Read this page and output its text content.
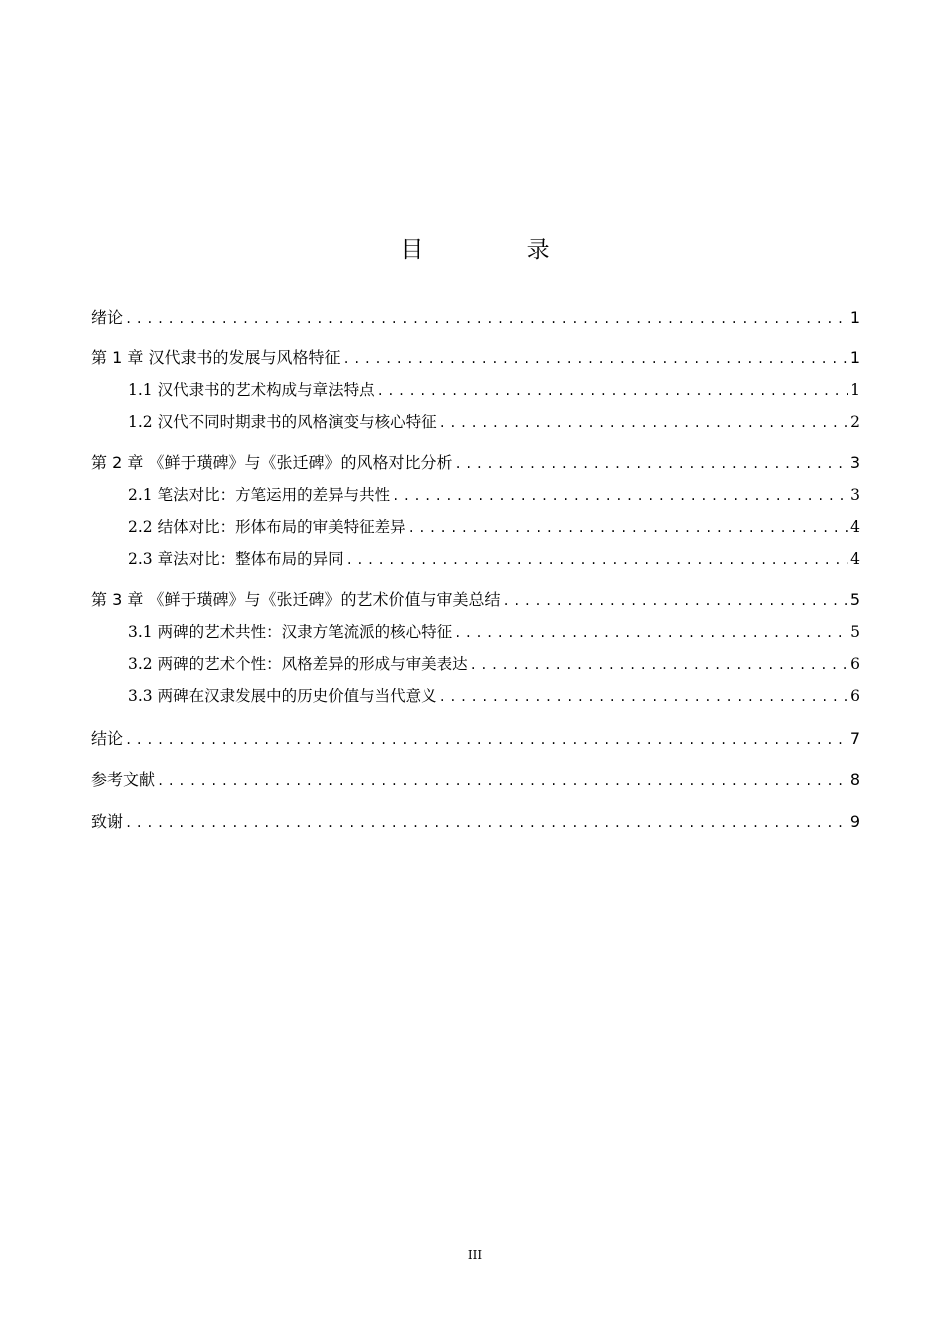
目 录
绪论 .....	1
第 1 章 汉代隶书的发展与风格特征 .....	1
1.1 汉代隶书的艺术构成与章法特点 .....	1
1.2 汉代不同时期隶书的风格演变与核心特征 .....	2
第 2 章 《鲜于璜碑》与《张迁碑》的风格对比分析 .....	3
2.1 笔法对比：方笔运用的差异与共性 .....	3
2.2 结体对比：形体布局的审美特征差异 .....	4
2.3 章法对比：整体布局的异同 .....	4
第 3 章 《鲜于璜碑》与《张迁碑》的艺术价值与审美总结 .....	5
3.1 两碑的艺术共性：汉隶方笔流派的核心特征 .....	5
3.2 两碑的艺术个性：风格差异的形成与审美表达 .....	6
3.3 两碑在汉隶发展中的历史价值与当代意义 .....	6
结论 .....	7
参考文献 .....	8
致谢 .....	9
III
